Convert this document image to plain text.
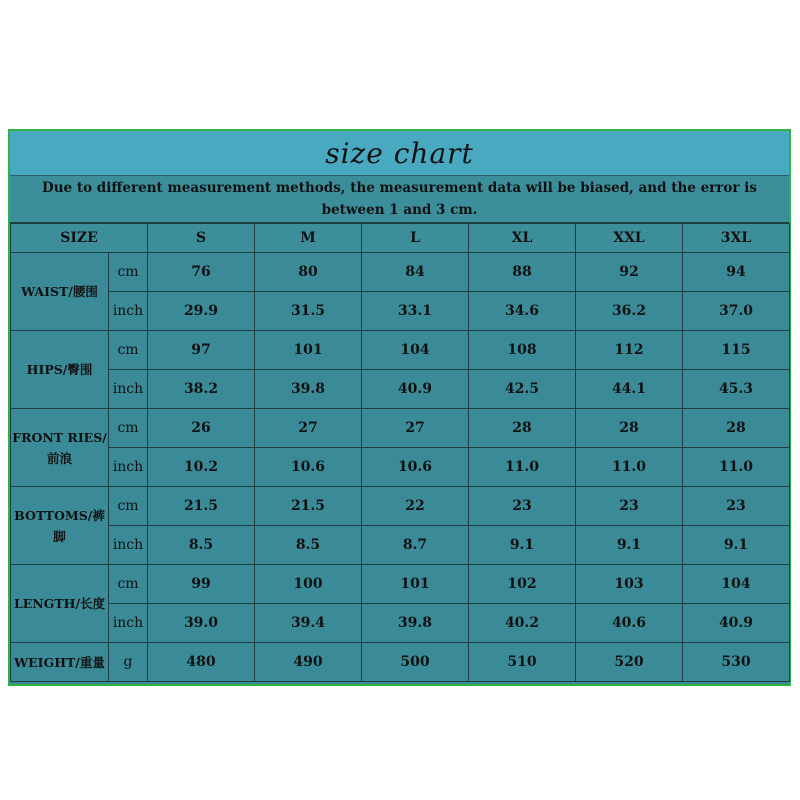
size chart
Due to different measurement methods, the measurement data will be biased, and the error is between 1 and 3 cm.
SIZE		S	M	L	XL	XXL	3XL
WAIST/腰围	cm	76	80	84	88	92	94
	inch	29.9	31.5	33.1	34.6	36.2	37.0
HIPS/臀围	cm	97	101	104	108	112	115
	inch	38.2	39.8	40.9	42.5	44.1	45.3
FRONT RIES/前浪	cm	26	27	27	28	28	28
	inch	10.2	10.6	10.6	11.0	11.0	11.0
BOTTOMS/裤脚	cm	21.5	21.5	22	23	23	23
	inch	8.5	8.5	8.7	9.1	9.1	9.1
LENGTH/长度	cm	99	100	101	102	103	104
	inch	39.0	39.4	39.8	40.2	40.6	40.9
WEIGHT/重量	g	480	490	500	510	520	530
